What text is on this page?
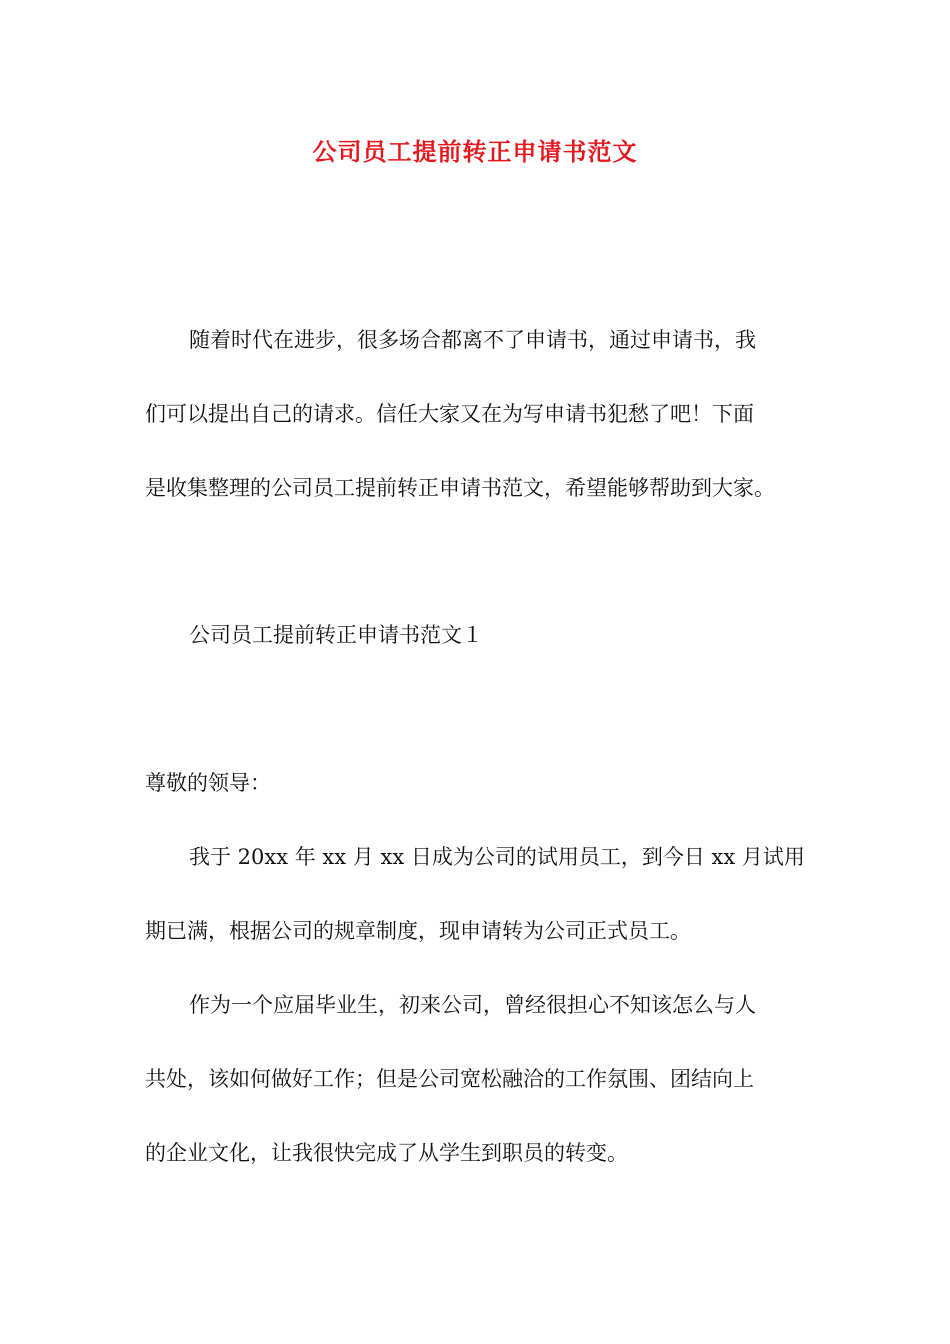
公司员工提前转正申请书范文
随着时代在进步，很多场合都离不了申请书，通过申请书，我
们可以提出自己的请求。信任大家又在为写申请书犯愁了吧！下面
是收集整理的公司员工提前转正申请书范文，希望能够帮助到大家。
公司员工提前转正申请书范文１
尊敬的领导：
我于 20xx 年 xx 月 xx 日成为公司的试用员工，到今日 xx 月试用
期已满，根据公司的规章制度，现申请转为公司正式员工。
作为一个应届毕业生，初来公司，曾经很担心不知该怎么与人
共处，该如何做好工作；但是公司宽松融洽的工作氛围、团结向上
的企业文化，让我很快完成了从学生到职员的转变。
